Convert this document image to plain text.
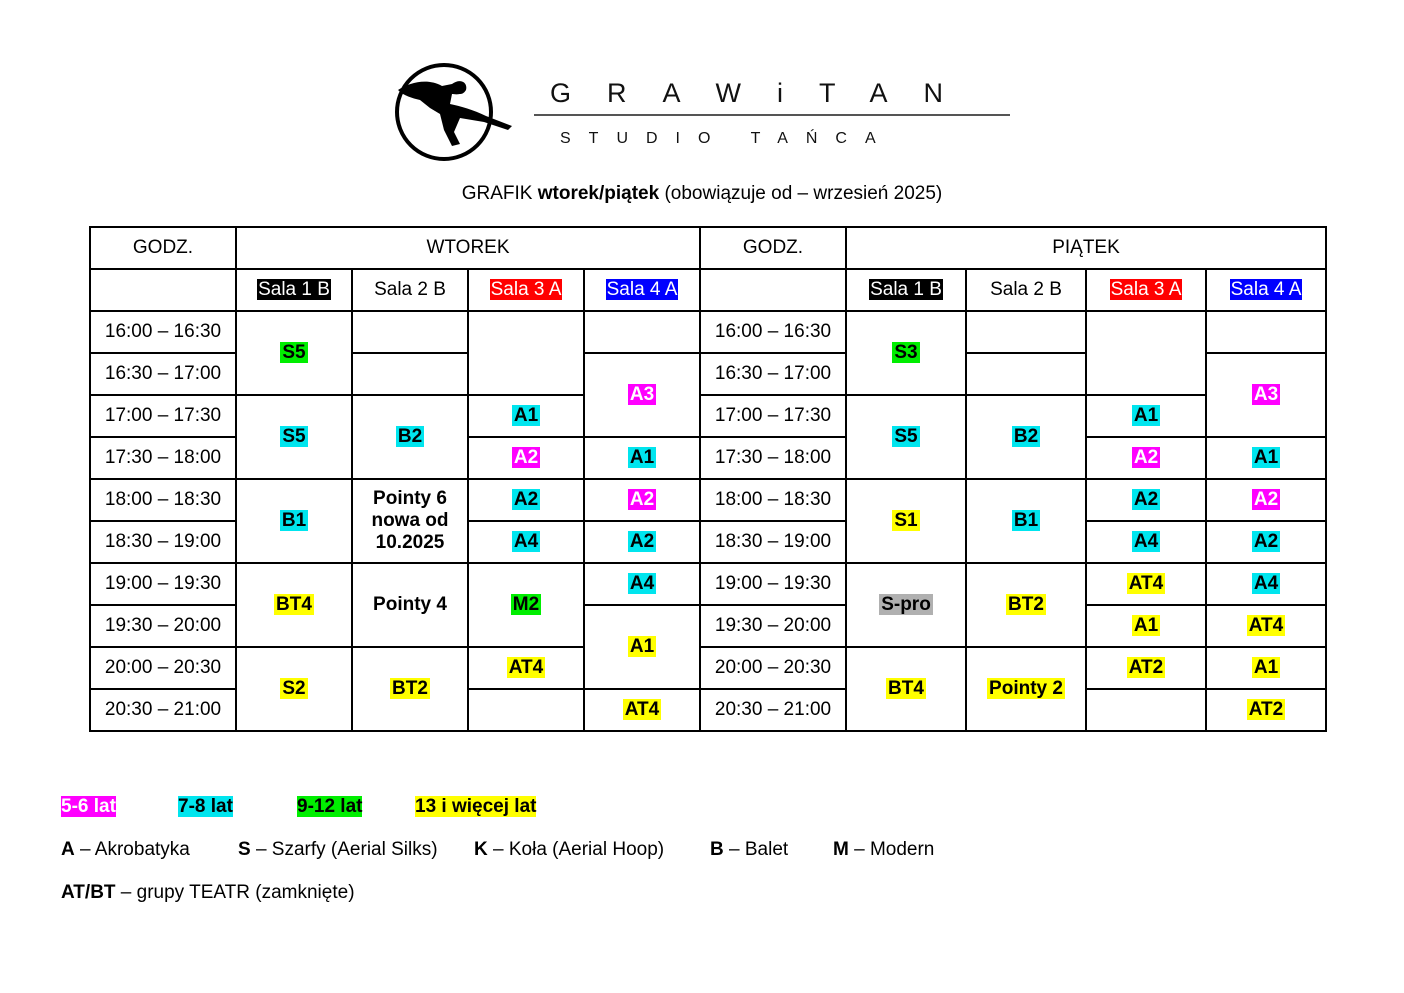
GRAWiTAN
STUDIO TAŃCA
GRAFIK wtorek/piątek (obowiązuje od – wrzesień 2025)
GODZ.	WTOREK				GODZ.	PIĄTEK			
	Sala 1 B	Sala 2 B	Sala 3 A	Sala 4 A		Sala 1 B	Sala 2 B	Sala 3 A	Sala 4 A
16:00 – 16:30	S5				16:00 – 16:30	S3			
16:30 – 17:00				A3	16:30 – 17:00				A3
17:00 – 17:30	S5	B2	A1		17:00 – 17:30	S5	B2	A1	
17:30 – 18:00			A2	A1	17:30 – 18:00			A2	A1
18:00 – 18:30	B1	Pointy 6
nowa od
10.2025	A2	A2	18:00 – 18:30	S1	B1	A2	A2
18:30 – 19:00			A4	A2	18:30 – 19:00			A4	A2
19:00 – 19:30	BT4	Pointy 4	M2	A4	19:00 – 19:30	S-pro	BT2	AT4	A4
19:30 – 20:00				A1	19:30 – 20:00			A1	AT4
20:00 – 20:30	S2	BT2	AT4		20:00 – 20:30	BT4	Pointy 2	AT2	A1
20:30 – 21:00				AT4	20:30 – 21:00				AT2
5-6 lat	7-8 lat	9-12 lat	13 i więcej lat
A – Akrobatyka	S – Szarfy (Aerial Silks) K – Koła (Aerial Hoop) B – Balet M – Modern
AT/BT – grupy TEATR (zamknięte)
